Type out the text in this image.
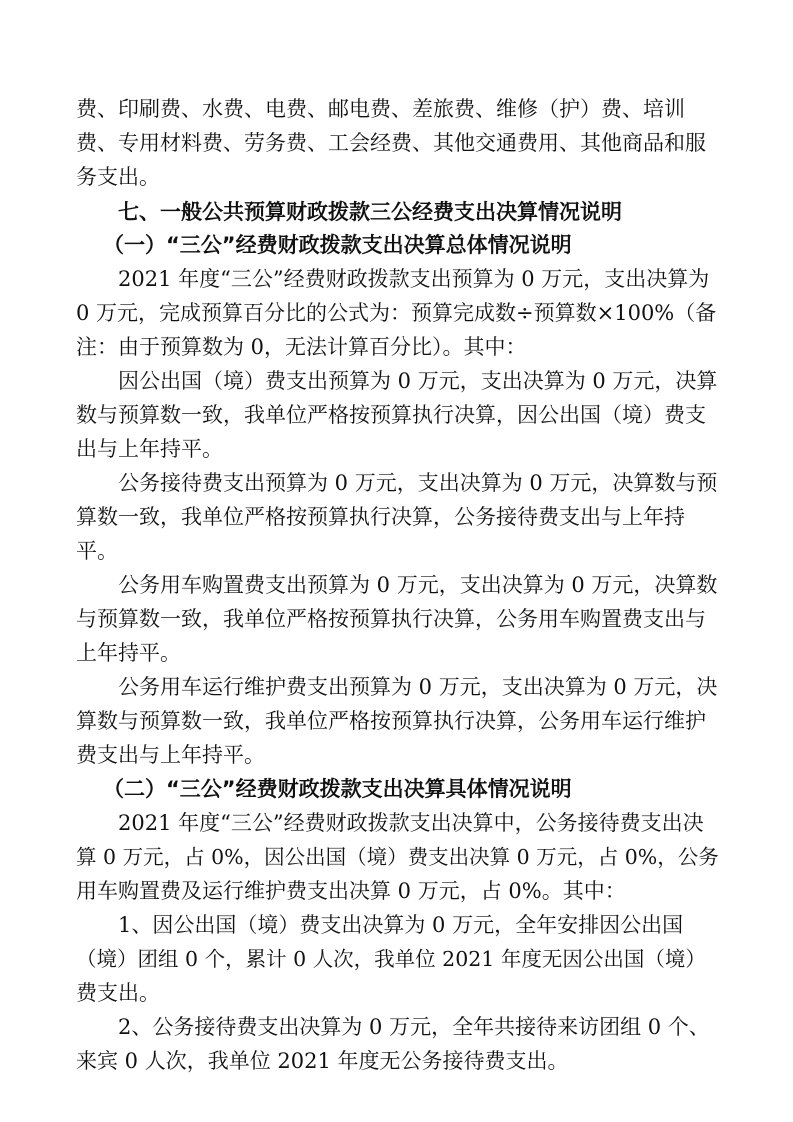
费、印刷费、水费、电费、邮电费、差旅费、维修（护）费、培训

费、专用材料费、劳务费、工会经费、其他交通费用、其他商品和服

务支出。

七、一般公共预算财政拨款三公经费支出决算情况说明

（一）“三公”经费财政拨款支出决算总体情况说明

2021 年度“三公”经费财政拨款支出预算为 0 万元，支出决算为

0 万元，完成预算百分比的公式为：预算完成数÷预算数×100%（备

注：由于预算数为 0，无法计算百分比）。其中：

因公出国（境）费支出预算为 0 万元，支出决算为 0 万元，决算

数与预算数一致，我单位严格按预算执行决算，因公出国（境）费支

出与上年持平。

公务接待费支出预算为 0 万元，支出决算为 0 万元，决算数与预

算数一致，我单位严格按预算执行决算，公务接待费支出与上年持

平。

公务用车购置费支出预算为 0 万元，支出决算为 0 万元，决算数

与预算数一致，我单位严格按预算执行决算，公务用车购置费支出与

上年持平。

公务用车运行维护费支出预算为 0 万元，支出决算为 0 万元，决

算数与预算数一致，我单位严格按预算执行决算，公务用车运行维护

费支出与上年持平。

（二）“三公”经费财政拨款支出决算具体情况说明

2021 年度“三公”经费财政拨款支出决算中，公务接待费支出决

算 0 万元，占 0%，因公出国（境）费支出决算 0 万元，占 0%，公务

用车购置费及运行维护费支出决算 0 万元，占 0%。其中：

1、因公出国（境）费支出决算为 0 万元，全年安排因公出国

（境）团组 0 个，累计 0 人次，我单位 2021 年度无因公出国（境）

费支出。

2、公务接待费支出决算为 0 万元，全年共接待来访团组 0 个、

来宾 0 人次，我单位 2021 年度无公务接待费支出。
